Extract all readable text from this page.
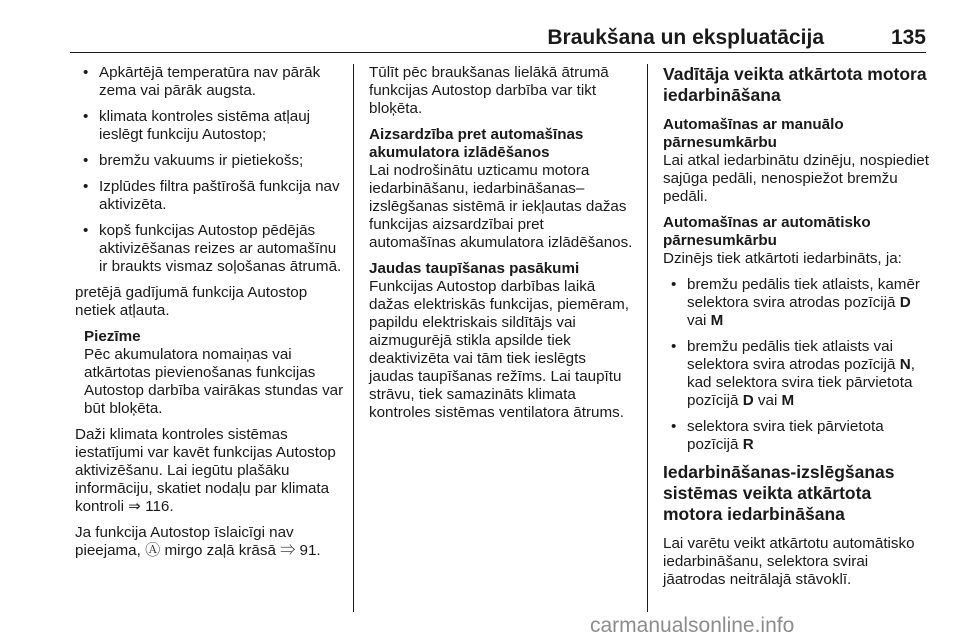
Braukšana un ekspluatācija	135
• Apkārtējā temperatūra nav pārāk zema vai pārāk augsta.
• klimata kontroles sistēma atļauj ieslēgt funkciju Autostop;
• bremžu vakuums ir pietiekošs;
• Izplūdes filtra paštīrošā funkcija nav aktivizēta.
• kopš funkcijas Autostop pēdējās aktivizēšanas reizes ar automašīnu ir braukts vismaz soļošanas ātrumā.

pretējā gadījumā funkcija Autostop netiek atļauta.

Piezīme
Pēc akumulatora nomaiņas vai atkārtotas pievienošanas funkcijas Autostop darbība vairākas stundas var būt bloķēta.

Daži klimata kontroles sistēmas iestatījumi var kavēt funkcijas Autostop aktivizēšanu. Lai iegūtu plašāku informāciju, skatiet nodaļu par klimata kontroli ⇒ 116.

Ja funkcija Autostop īslaicīgi nav pieejama, Ⓐ mirgo zaļā krāsā ⇒ 91.

Tūlīt pēc braukšanas lielākā ātrumā funkcijas Autostop darbība var tikt bloķēta.

Aizsardzība pret automašīnas akumulatora izlādēšanos

Lai nodrošinātu uzticamu motora iedarbināšanu, iedarbināšanas–izslēgšanas sistēmā ir iekļautas dažas funkcijas aizsardzībai pret automašīnas akumulatora izlādēšanos.

Jaudas taupīšanas pasākumi

Funkcijas Autostop darbības laikā dažas elektriskās funkcijas, piemēram, papildu elektriskais sildītājs vai aizmugurējā stikla apsilde tiek deaktivizēta vai tām tiek ieslēgts jaudas taupīšanas režīms. Lai taupītu strāvu, tiek samazināts klimata kontroles sistēmas ventilatora ātrums.

Vadītāja veikta atkārtota motora iedarbināšana
Automašīnas ar manuālo pārnesumkārbu

Lai atkal iedarbinātu dzinēju, nospiediet sajūga pedāli, nenospiežot bremžu pedāli.

Automašīnas ar automātisko pārnesumkārbu

Dzinējs tiek atkārtoti iedarbināts, ja:

• bremžu pedālis tiek atlaists, kamēr selektora svira atrodas pozīcijā D vai M
• bremžu pedālis tiek atlaists vai selektora svira atrodas pozīcijā N, kad selektora svira tiek pārvietota pozīcijā D vai M
• selektora svira tiek pārvietota pozīcijā R
Iedarbināšanas-izslēgšanas sistēmas veikta atkārtota motora iedarbināšana

Lai varētu veikt atkārtotu automātisko iedarbināšanu, selektora svirai jāatrodas neitrālajā stāvoklī.

carmanualsonline.info
